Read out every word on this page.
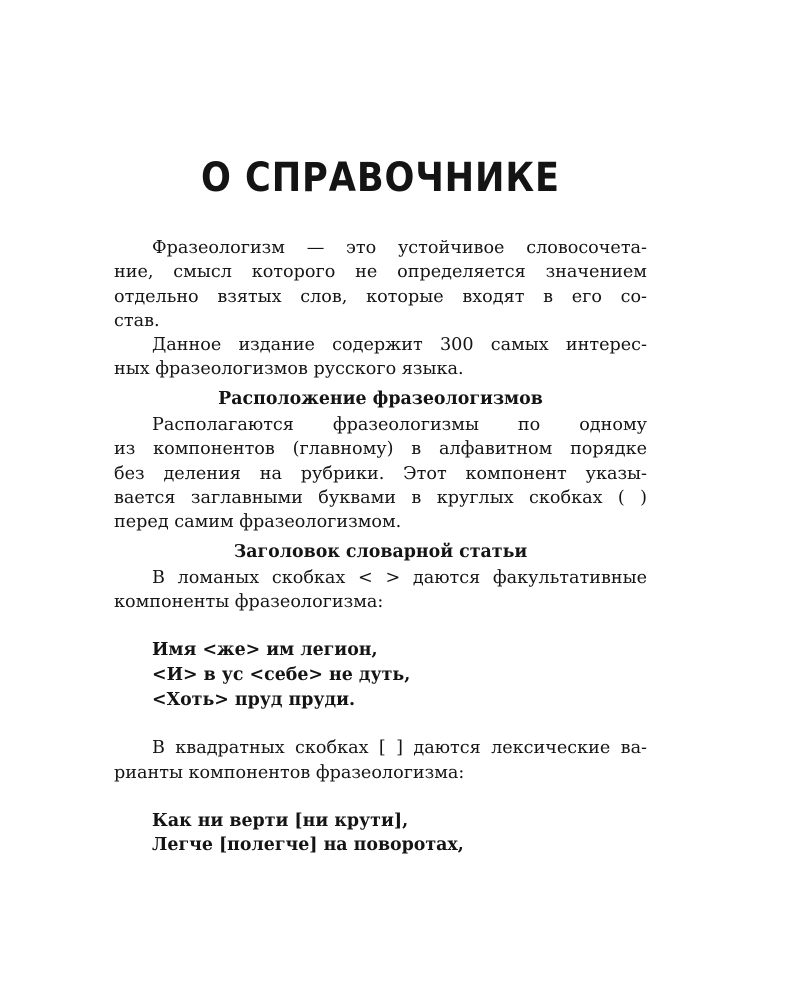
О СПРАВОЧНИКЕ

Фразеологизм — это устойчивое словосочета-
ние, смысл которого не определяется значением
отдельно взятых слов, которые входят в его со-
став.

Данное издание содержит 300 самых интерес-
ных фразеологизмов русского языка.

Расположение фразеологизмов

Располагаются фразеологизмы по одному
из компонентов (главному) в алфавитном порядке
без деления на рубрики. Этот компонент указы-
вается заглавными буквами в круглых скобках ( )
перед самим фразеологизмом.

Заголовок словарной статьи

В ломаных скобках < > даются факультативные
компоненты фразеологизма:

Имя <же> им легион,
<И> в ус <себе> не дуть,
<Хоть> пруд пруди.

В квадратных скобках [ ] даются лексические ва-
рианты компонентов фразеологизма:

Как ни верти [ни крути],
Легче [полегче] на поворотах,
